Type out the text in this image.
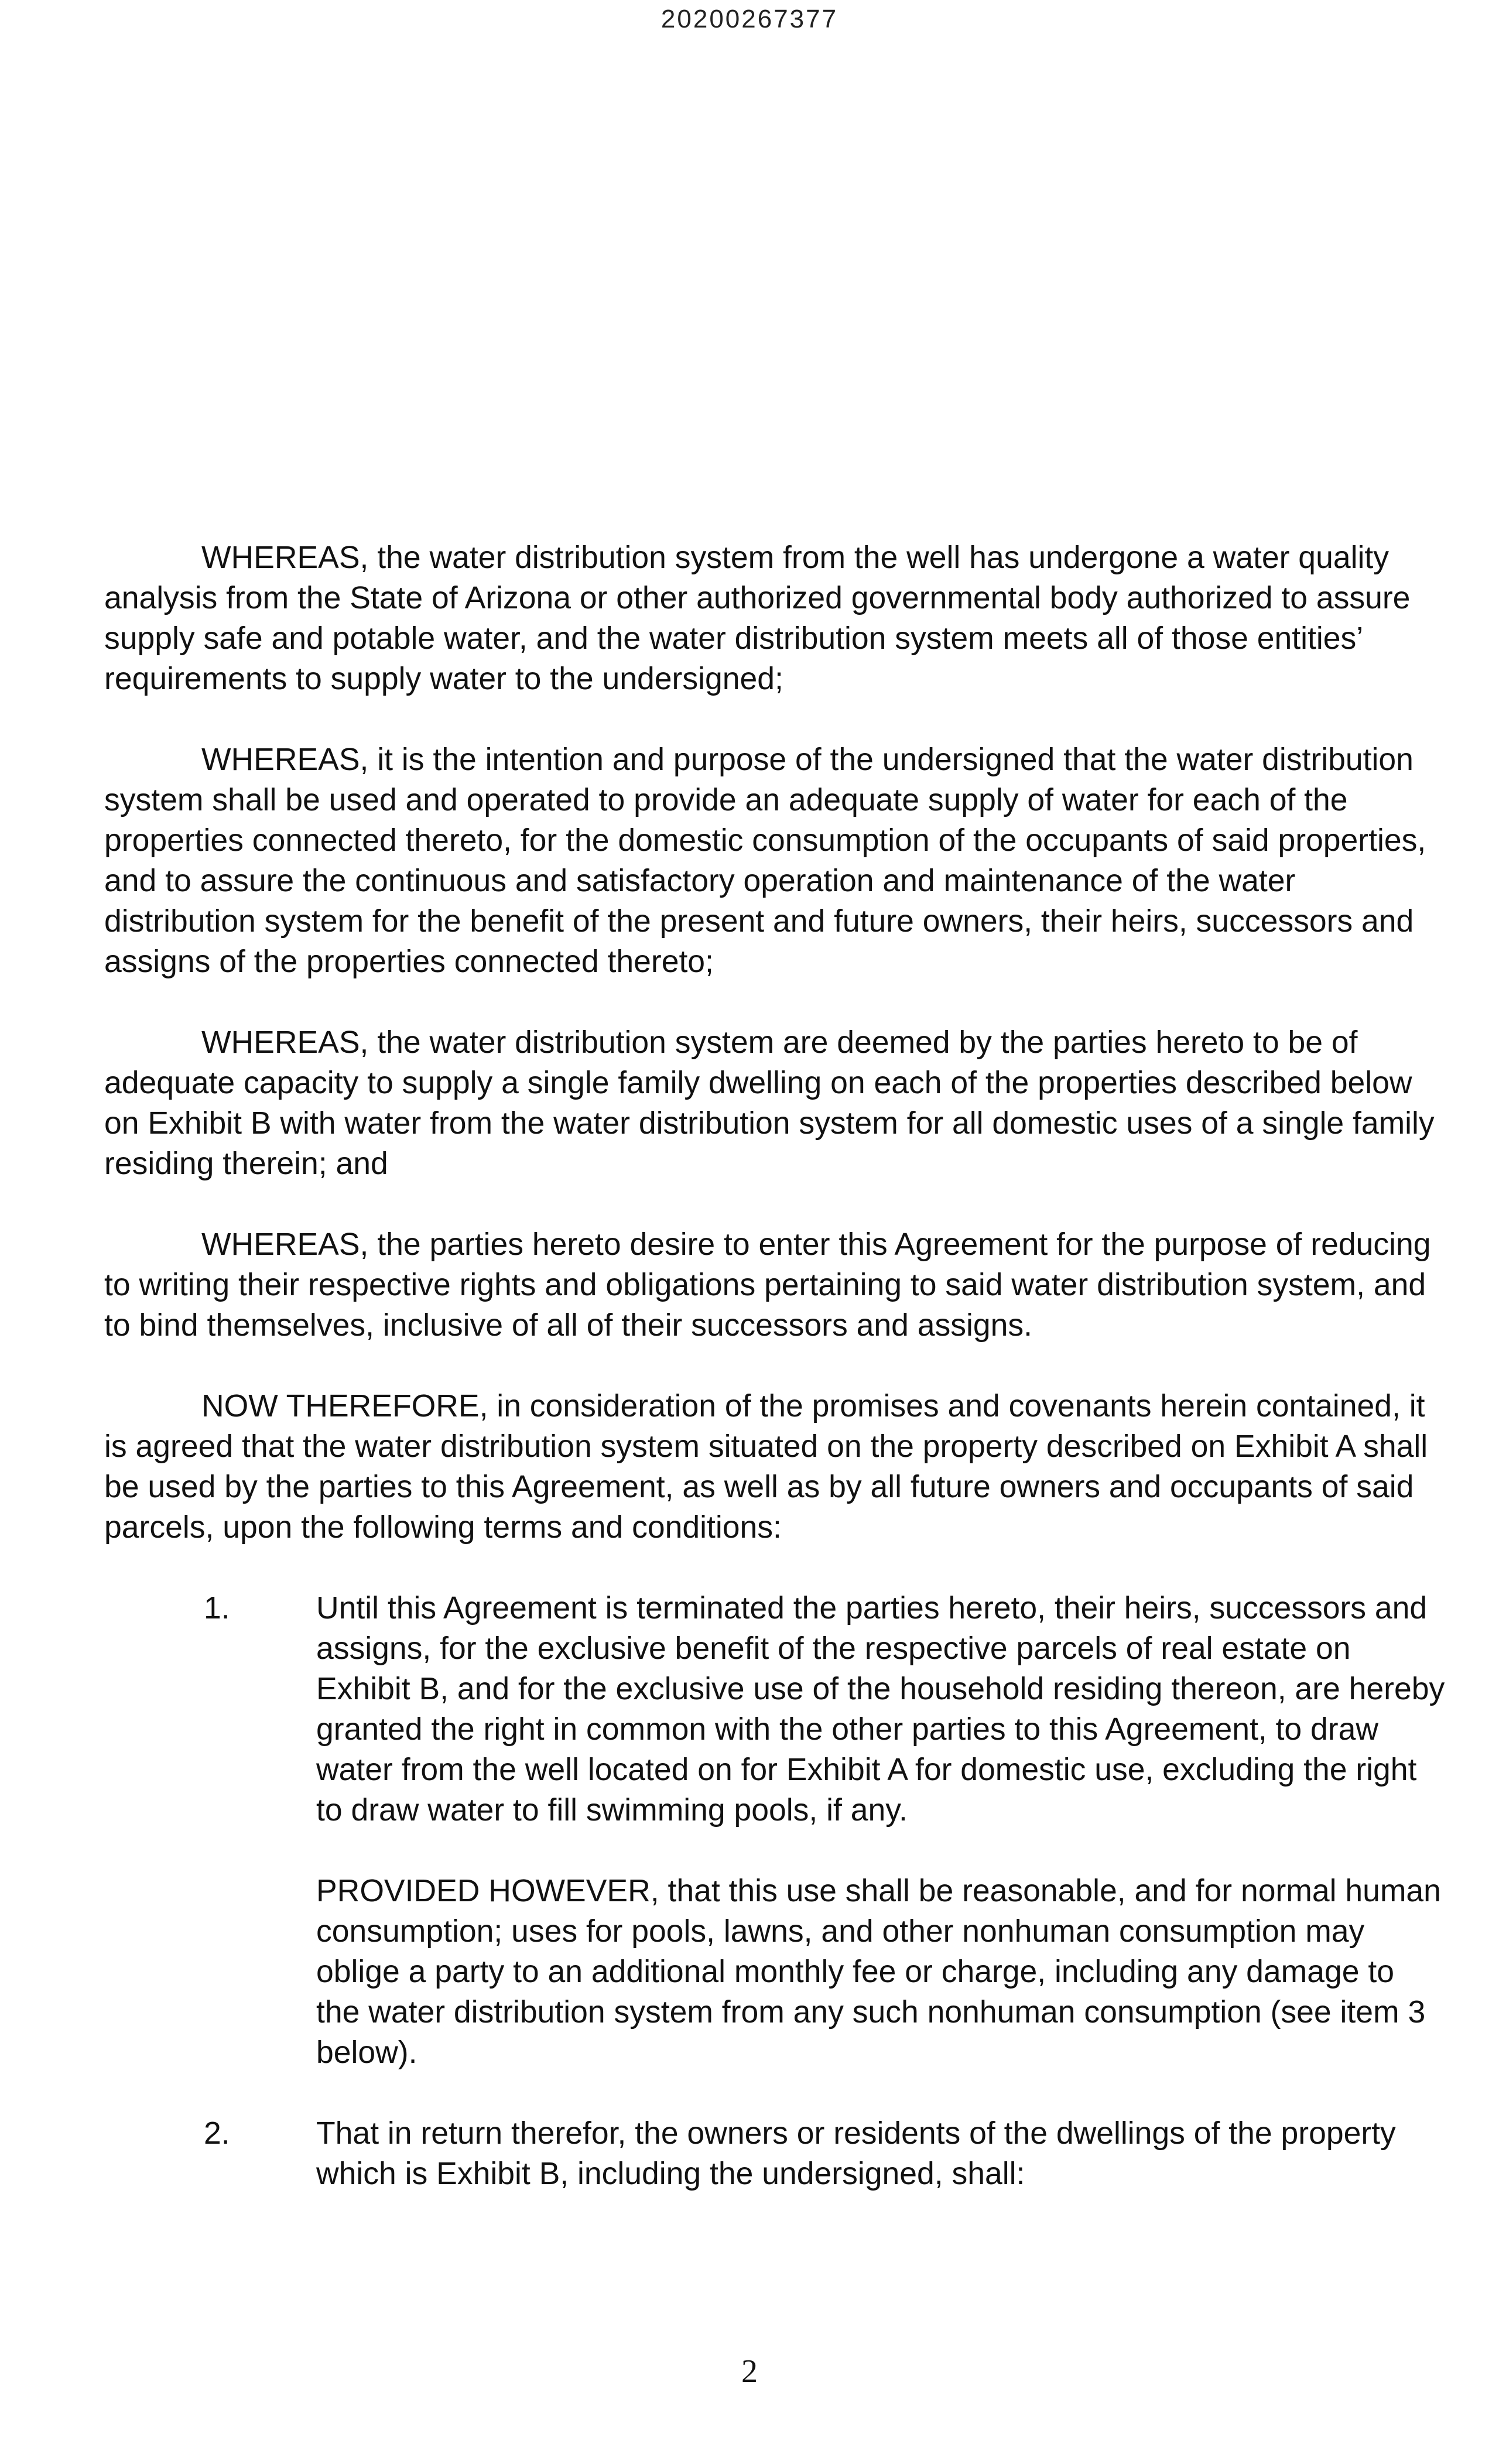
20200267377

WHEREAS, the water distribution system from the well has undergone a water quality analysis from the State of Arizona or other authorized governmental body authorized to assure supply safe and potable water, and the water distribution system meets all of those entities’ requirements to supply water to the undersigned;

WHEREAS, it is the intention and purpose of the undersigned that the water distribution system shall be used and operated to provide an adequate supply of water for each of the properties connected thereto, for the domestic consumption of the occupants of said properties, and to assure the continuous and satisfactory operation and maintenance of the water distribution system for the benefit of the present and future owners, their heirs, successors and assigns of the properties connected thereto;

WHEREAS, the water distribution system are deemed by the parties hereto to be of adequate capacity to supply a single family dwelling on each of the properties described below on Exhibit B with water from the water distribution system for all domestic uses of a single family residing therein; and

WHEREAS, the parties hereto desire to enter this Agreement for the purpose of reducing to writing their respective rights and obligations pertaining to said water distribution system, and to bind themselves, inclusive of all of their successors and assigns.

NOW THEREFORE, in consideration of the promises and covenants herein contained, it is agreed that the water distribution system situated on the property described on Exhibit A shall be used by the parties to this Agreement, as well as by all future owners and occupants of said parcels, upon the following terms and conditions:

1.	Until this Agreement is terminated the parties hereto, their heirs, successors and assigns, for the exclusive benefit of the respective parcels of real estate on Exhibit B, and for the exclusive use of the household residing thereon, are hereby granted the right in common with the other parties to this Agreement, to draw water from the well located on for Exhibit A for domestic use, excluding the right to draw water to fill swimming pools, if any.

PROVIDED HOWEVER, that this use shall be reasonable, and for normal human consumption; uses for pools, lawns, and other nonhuman consumption may oblige a party to an additional monthly fee or charge, including any damage to the water distribution system from any such nonhuman consumption (see item 3 below).

2.	That in return therefor, the owners or residents of the dwellings of the property which is Exhibit B, including the undersigned, shall:
2
